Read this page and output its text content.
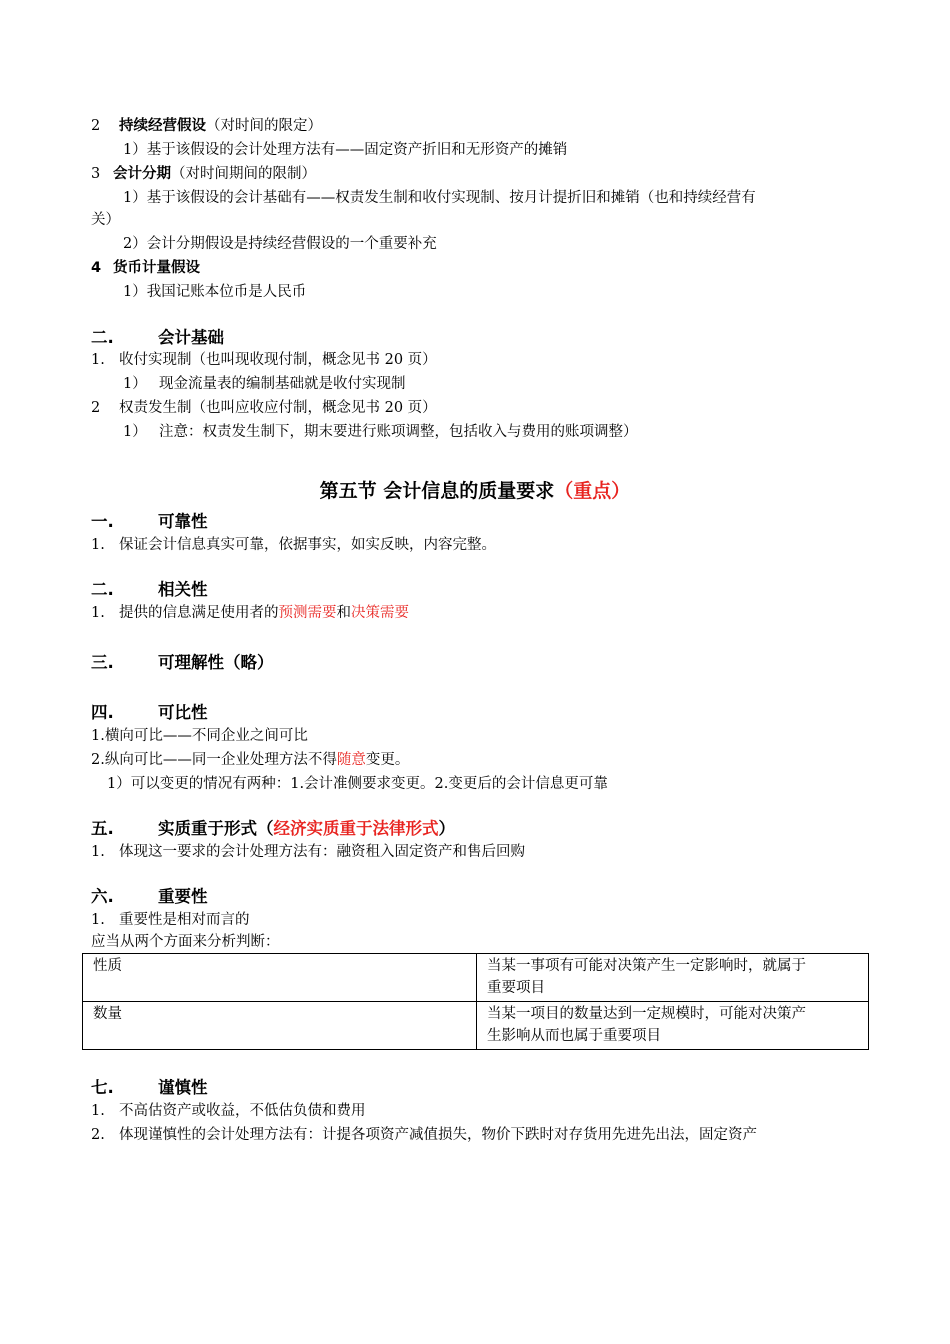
2 持续经营假设（对时间的限定）
1）基于该假设的会计处理方法有——固定资产折旧和无形资产的摊销
3 会计分期（对时间期间的限制）
1）基于该假设的会计基础有——权责发生制和收付实现制、按月计提折旧和摊销（也和持续经营有
关）
2）会计分期假设是持续经营假设的一个重要补充
4 货币计量假设
1）我国记账本位币是人民币
二.	会计基础
1. 收付实现制（也叫现收现付制，概念见书 20 页）
1） 现金流量表的编制基础就是收付实现制
2 权责发生制（也叫应收应付制，概念见书 20 页）
1） 注意：权责发生制下，期末要进行账项调整，包括收入与费用的账项调整）
第五节 会计信息的质量要求（重点）
一.	可靠性
1. 保证会计信息真实可靠，依据事实，如实反映，内容完整。
二.	相关性
1. 提供的信息满足使用者的预测需要和决策需要
三.	可理解性（略）
四.	可比性
1.横向可比——不同企业之间可比
2.纵向可比——同一企业处理方法不得随意变更。
1）可以变更的情况有两种：1.会计准侧要求变更。2.变更后的会计信息更可靠
五.	实质重于形式（经济实质重于法律形式）
1. 体现这一要求的会计处理方法有：融资租入固定资产和售后回购
六.	重要性
1. 重要性是相对而言的
应当从两个方面来分析判断：
性质	当某一事项有可能对决策产生一定影响时，就属于
重要项目
数量	当某一项目的数量达到一定规模时，可能对决策产
生影响从而也属于重要项目
七.	谨慎性
1. 不高估资产或收益，不低估负债和费用
2. 体现谨慎性的会计处理方法有：计提各项资产减值损失，物价下跌时对存货用先进先出法，固定资产
